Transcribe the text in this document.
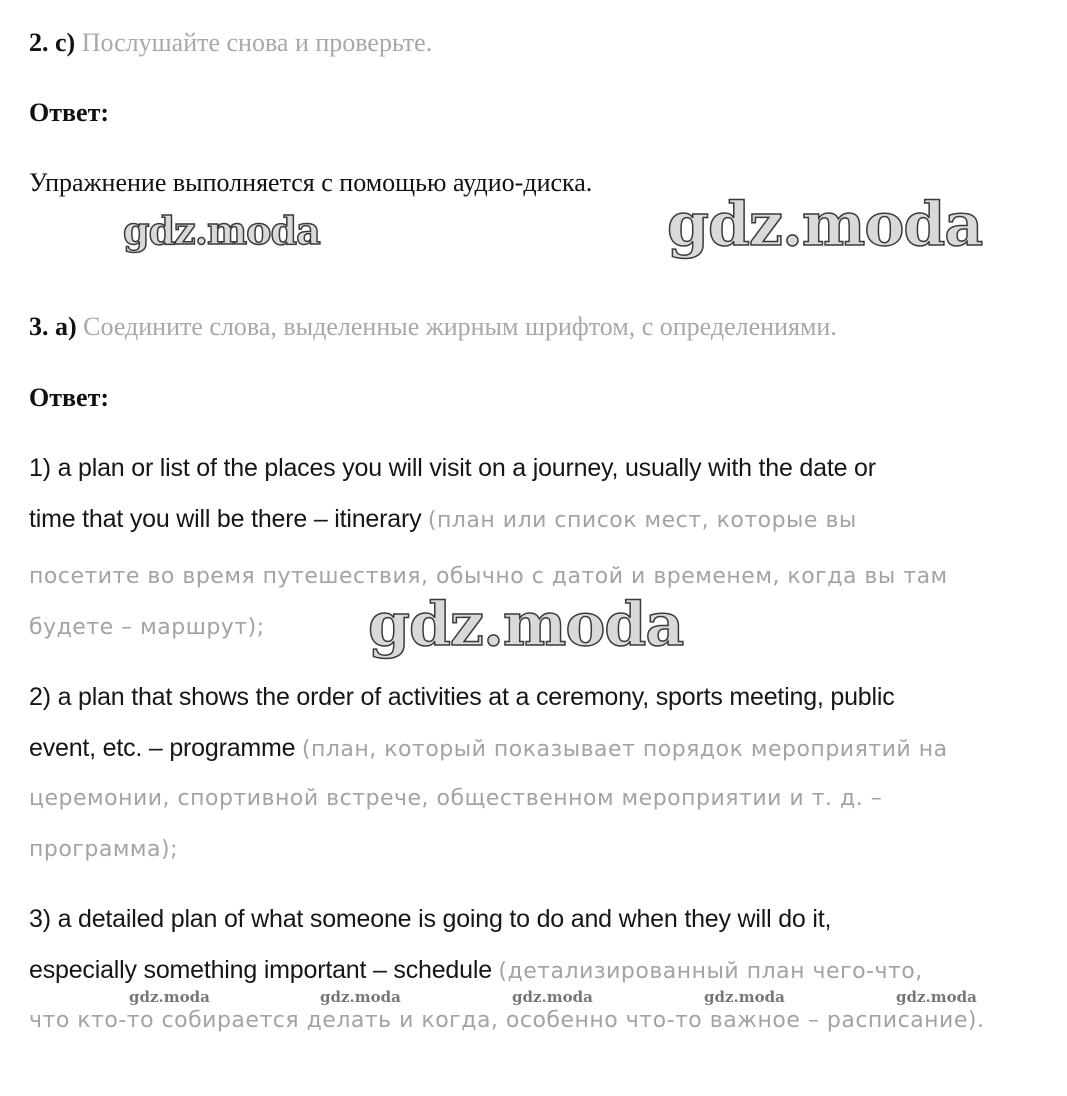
2. c) Послушайте снова и проверьте.
Ответ:
Упражнение выполняется с помощью аудио-диска.
gdz.moda	gdz.moda
3. a) Соедините слова, выделенные жирным шрифтом, с определениями.
Ответ:
1) a plan or list of the places you will visit on a journey, usually with the date or
time that you will be there – itinerary (план или список мест, которые вы
посетите во время путешествия, обычно с датой и временем, когда вы там
будете – маршрут); gdz.moda
2) a plan that shows the order of activities at a ceremony, sports meeting, public
event, etc. – programme (план, который показывает порядок мероприятий на
церемонии, спортивной встрече, общественном мероприятии и т. д. –
программа);
3) a detailed plan of what someone is going to do and when they will do it,
especially something important – schedule (детализированный план чего-что,
что кто-то собирается делать и когда, особенно что-то важное – расписание).
gdz.moda	gdz.moda	gdz.moda	gdz.moda	gdz.moda
